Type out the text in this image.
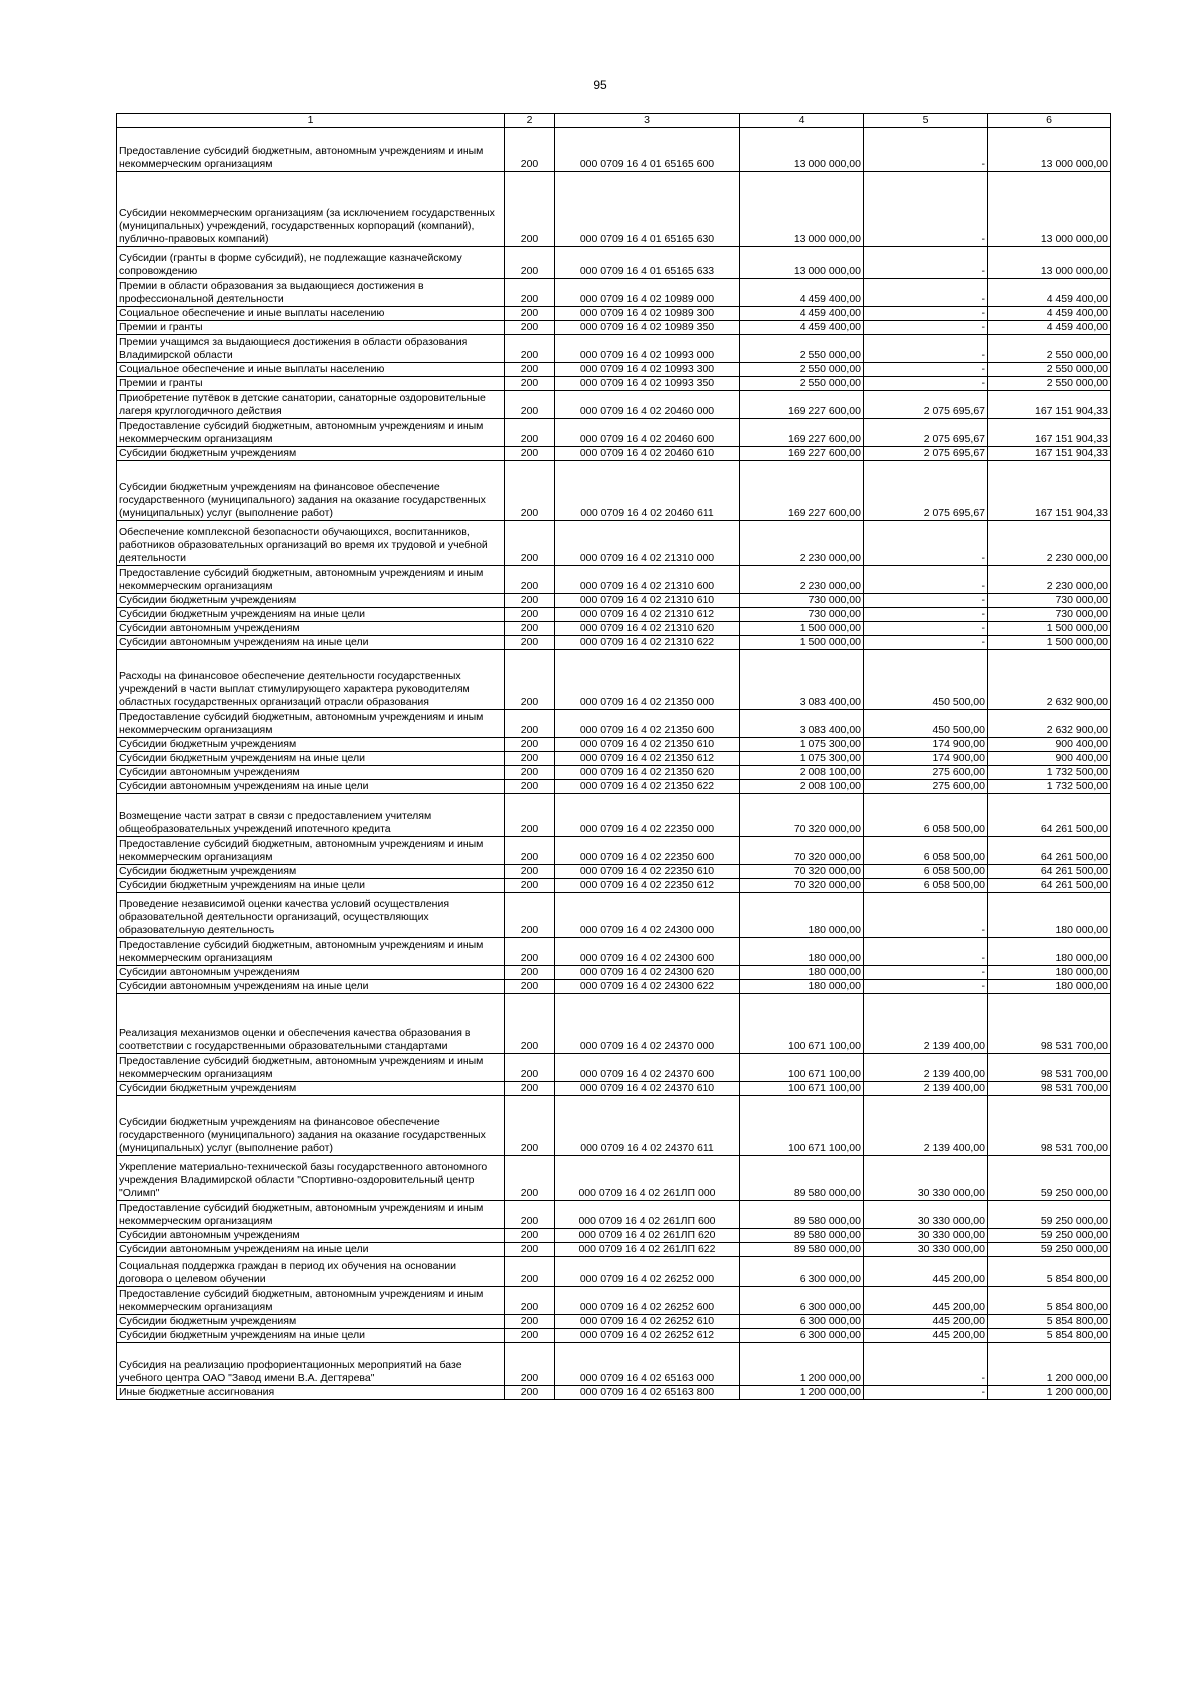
95
1	2	3	4	5	6
Предоставление субсидий бюджетным, автономным учреждениям и иным некоммерческим организациям	200	000 0709 16 4 01 65165 600	13 000 000,00	-	13 000 000,00
Субсидии некоммерческим организациям (за исключением государственных (муниципальных) учреждений, государственных корпораций (компаний), публично-правовых компаний)	200	000 0709 16 4 01 65165 630	13 000 000,00	-	13 000 000,00
Субсидии (гранты в форме субсидий), не подлежащие казначейскому сопровождению	200	000 0709 16 4 01 65165 633	13 000 000,00	-	13 000 000,00
Премии в области образования за выдающиеся достижения в профессиональной деятельности	200	000 0709 16 4 02 10989 000	4 459 400,00	-	4 459 400,00
Социальное обеспечение и иные выплаты населению	200	000 0709 16 4 02 10989 300	4 459 400,00	-	4 459 400,00
Премии и гранты	200	000 0709 16 4 02 10989 350	4 459 400,00	-	4 459 400,00
Премии учащимся за выдающиеся достижения в области образования Владимирской области	200	000 0709 16 4 02 10993 000	2 550 000,00	-	2 550 000,00
Социальное обеспечение и иные выплаты населению	200	000 0709 16 4 02 10993 300	2 550 000,00	-	2 550 000,00
Премии и гранты	200	000 0709 16 4 02 10993 350	2 550 000,00	-	2 550 000,00
Приобретение путёвок в детские санатории, санаторные оздоровительные лагеря круглогодичного действия	200	000 0709 16 4 02 20460 000	169 227 600,00	2 075 695,67	167 151 904,33
Предоставление субсидий бюджетным, автономным учреждениям и иным некоммерческим организациям	200	000 0709 16 4 02 20460 600	169 227 600,00	2 075 695,67	167 151 904,33
Субсидии бюджетным учреждениям	200	000 0709 16 4 02 20460 610	169 227 600,00	2 075 695,67	167 151 904,33
Субсидии бюджетным учреждениям на финансовое обеспечение государственного (муниципального) задания на оказание государственных (муниципальных) услуг (выполнение работ)	200	000 0709 16 4 02 20460 611	169 227 600,00	2 075 695,67	167 151 904,33
Обеспечение комплексной безопасности обучающихся, воспитанников, работников образовательных организаций во время их трудовой и учебной деятельности	200	000 0709 16 4 02 21310 000	2 230 000,00	-	2 230 000,00
Предоставление субсидий бюджетным, автономным учреждениям и иным некоммерческим организациям	200	000 0709 16 4 02 21310 600	2 230 000,00	-	2 230 000,00
Субсидии бюджетным учреждениям	200	000 0709 16 4 02 21310 610	730 000,00	-	730 000,00
Субсидии бюджетным учреждениям на иные цели	200	000 0709 16 4 02 21310 612	730 000,00	-	730 000,00
Субсидии автономным учреждениям	200	000 0709 16 4 02 21310 620	1 500 000,00	-	1 500 000,00
Субсидии автономным учреждениям на иные цели	200	000 0709 16 4 02 21310 622	1 500 000,00	-	1 500 000,00
Расходы на финансовое обеспечение деятельности государственных учреждений в части выплат стимулирующего характера руководителям областных государственных организаций отрасли образования	200	000 0709 16 4 02 21350 000	3 083 400,00	450 500,00	2 632 900,00
Предоставление субсидий бюджетным, автономным учреждениям и иным некоммерческим организациям	200	000 0709 16 4 02 21350 600	3 083 400,00	450 500,00	2 632 900,00
Субсидии бюджетным учреждениям	200	000 0709 16 4 02 21350 610	1 075 300,00	174 900,00	900 400,00
Субсидии бюджетным учреждениям на иные цели	200	000 0709 16 4 02 21350 612	1 075 300,00	174 900,00	900 400,00
Субсидии автономным учреждениям	200	000 0709 16 4 02 21350 620	2 008 100,00	275 600,00	1 732 500,00
Субсидии автономным учреждениям на иные цели	200	000 0709 16 4 02 21350 622	2 008 100,00	275 600,00	1 732 500,00
Возмещение части затрат в связи с предоставлением учителям общеобразовательных учреждений ипотечного кредита	200	000 0709 16 4 02 22350 000	70 320 000,00	6 058 500,00	64 261 500,00
Предоставление субсидий бюджетным, автономным учреждениям и иным некоммерческим организациям	200	000 0709 16 4 02 22350 600	70 320 000,00	6 058 500,00	64 261 500,00
Субсидии бюджетным учреждениям	200	000 0709 16 4 02 22350 610	70 320 000,00	6 058 500,00	64 261 500,00
Субсидии бюджетным учреждениям на иные цели	200	000 0709 16 4 02 22350 612	70 320 000,00	6 058 500,00	64 261 500,00
Проведение независимой оценки качества условий осуществления образовательной деятельности организаций, осуществляющих образовательную деятельность	200	000 0709 16 4 02 24300 000	180 000,00	-	180 000,00
Предоставление субсидий бюджетным, автономным учреждениям и иным некоммерческим организациям	200	000 0709 16 4 02 24300 600	180 000,00	-	180 000,00
Субсидии автономным учреждениям	200	000 0709 16 4 02 24300 620	180 000,00	-	180 000,00
Субсидии автономным учреждениям на иные цели	200	000 0709 16 4 02 24300 622	180 000,00	-	180 000,00
Реализация механизмов оценки и обеспечения качества образования в соответствии с государственными образовательными стандартами	200	000 0709 16 4 02 24370 000	100 671 100,00	2 139 400,00	98 531 700,00
Предоставление субсидий бюджетным, автономным учреждениям и иным некоммерческим организациям	200	000 0709 16 4 02 24370 600	100 671 100,00	2 139 400,00	98 531 700,00
Субсидии бюджетным учреждениям	200	000 0709 16 4 02 24370 610	100 671 100,00	2 139 400,00	98 531 700,00
Субсидии бюджетным учреждениям на финансовое обеспечение государственного (муниципального) задания на оказание государственных (муниципальных) услуг (выполнение работ)	200	000 0709 16 4 02 24370 611	100 671 100,00	2 139 400,00	98 531 700,00
Укрепление материально-технической базы государственного автономного учреждения Владимирской области "Спортивно-оздоровительный центр "Олимп"	200	000 0709 16 4 02 261ЛП 000	89 580 000,00	30 330 000,00	59 250 000,00
Предоставление субсидий бюджетным, автономным учреждениям и иным некоммерческим организациям	200	000 0709 16 4 02 261ЛП 600	89 580 000,00	30 330 000,00	59 250 000,00
Субсидии автономным учреждениям	200	000 0709 16 4 02 261ЛП 620	89 580 000,00	30 330 000,00	59 250 000,00
Субсидии автономным учреждениям на иные цели	200	000 0709 16 4 02 261ЛП 622	89 580 000,00	30 330 000,00	59 250 000,00
Социальная поддержка граждан в период их обучения на основании договора о целевом обучении	200	000 0709 16 4 02 26252 000	6 300 000,00	445 200,00	5 854 800,00
Предоставление субсидий бюджетным, автономным учреждениям и иным некоммерческим организациям	200	000 0709 16 4 02 26252 600	6 300 000,00	445 200,00	5 854 800,00
Субсидии бюджетным учреждениям	200	000 0709 16 4 02 26252 610	6 300 000,00	445 200,00	5 854 800,00
Субсидии бюджетным учреждениям на иные цели	200	000 0709 16 4 02 26252 612	6 300 000,00	445 200,00	5 854 800,00
Субсидия на реализацию профориентационных мероприятий на базе учебного центра ОАО "Завод имени В.А. Дегтярева"	200	000 0709 16 4 02 65163 000	1 200 000,00	-	1 200 000,00
Иные бюджетные ассигнования	200	000 0709 16 4 02 65163 800	1 200 000,00	-	1 200 000,00
